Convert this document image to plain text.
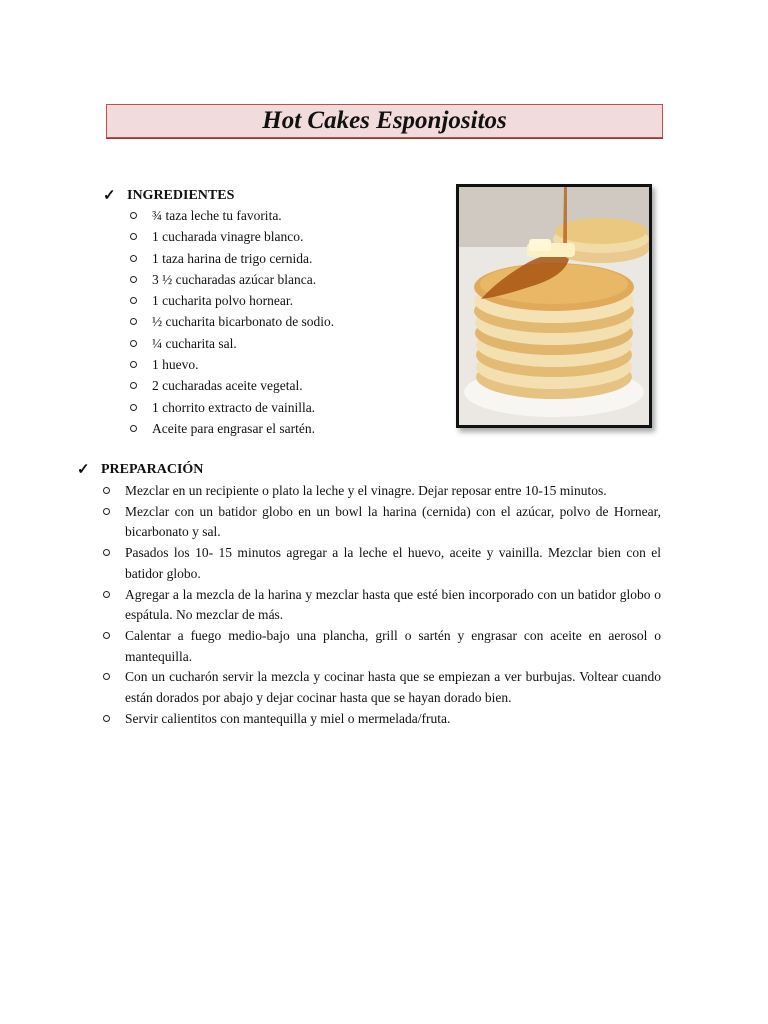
Hot Cakes Esponjositos
✓ INGREDIENTES
¾ taza leche tu favorita.
1 cucharada vinagre blanco.
1 taza harina de trigo cernida.
3 ½ cucharadas azúcar blanca.
1 cucharita polvo hornear.
½ cucharita bicarbonato de sodio.
¼ cucharita sal.
1 huevo.
2 cucharadas aceite vegetal.
1 chorrito extracto de vainilla.
Aceite para engrasar el sartén.
✓ PREPARACIÓN
Mezclar en un recipiente o plato la leche y el vinagre. Dejar reposar entre 10-15 minutos.
Mezclar con un batidor globo en un bowl la harina (cernida) con el azúcar, polvo de Hornear, bicarbonato y sal.
Pasados los 10- 15 minutos agregar a la leche el huevo, aceite y vainilla. Mezclar bien con el batidor globo.
Agregar a la mezcla de la harina y mezclar hasta que esté bien incorporado con un batidor globo o espátula. No mezclar de más.
Calentar a fuego medio-bajo una plancha, grill o sartén y engrasar con aceite en aerosol o mantequilla.
Con un cucharón servir la mezcla y cocinar hasta que se empiezan a ver burbujas. Voltear cuando están dorados por abajo y dejar cocinar hasta que se hayan dorado bien.
Servir calientitos con mantequilla y miel o mermelada/fruta.
